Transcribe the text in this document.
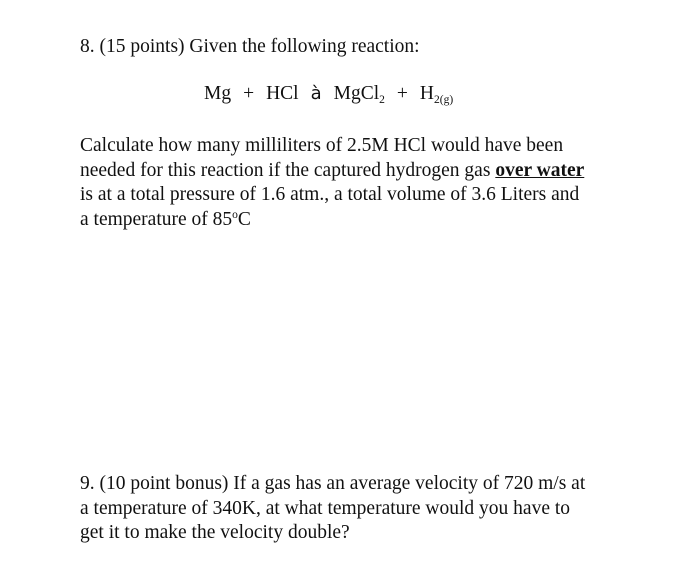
8. (15 points) Given the following reaction:
Mg + HCl à MgCl$_2$ + $H_{2(g)}$
Calculate how many milliliters of 2.5M HCl would have been
needed for this reaction if the captured hydrogen gas over water
is at a total pressure of 1.6 atm., a total volume of 3.6 Liters and
a temperature of 85$^o$C
9. (10 point bonus) If a gas has an average velocity of 720 m/s at
a temperature of 340K, at what temperature would you have to
get it to make the velocity double?
